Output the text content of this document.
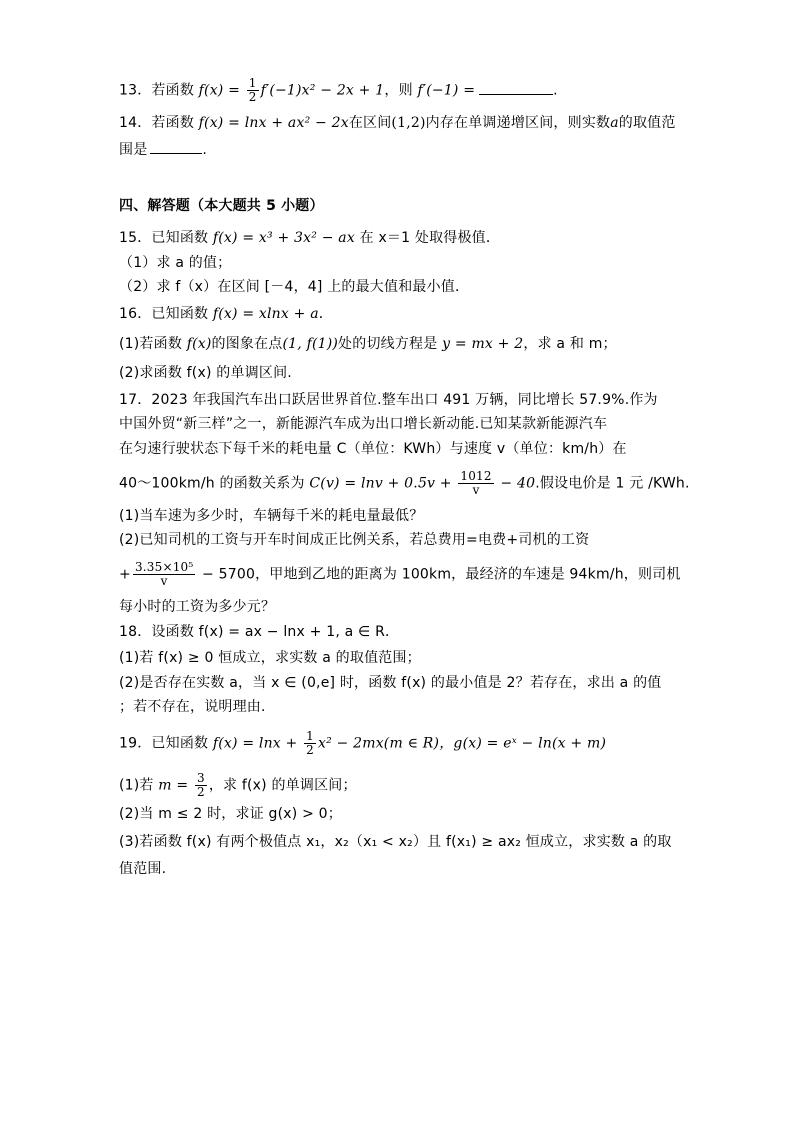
13．若函数 $f(x) = \frac{1}{2} f'(-1)x^2 - 2x + 1$，则 f′(−1) =	.
14．若函数 f(x) = lnx + ax² − 2x在区间(1,2)内存在单调递增区间，则实数a的取值范
围是	.
四、解答题（本大题共 5 小题）
15．已知函数 f(x) = x³ + 3x² − ax 在 x＝1 处取得极值．
（1）求 a 的值；
（2）求 f（x）在区间 [－4，4] 上的最大值和最小值．
16．已知函数 f(x) = xlnx + a．
(1)若函数 f(x)的图象在点(1, f(1))处的切线方程是 y = mx + 2，求 a 和 m；
(2)求函数 f(x) 的单调区间.
17．2023 年我国汽车出口跃居世界首位.整车出口 491 万辆，同比增长 57.9%.作为
中国外贸“新三样”之一，新能源汽车成为出口增长新动能.已知某款新能源汽车
在匀速行驶状态下每千米的耗电量 C（单位：KWh）与速度 v（单位：km/h）在
40～100km/h 的函数关系为 $C(v) = \ln v + 0.5v + \frac{1012}{v} - 40$.假设电价是 1 元 /KWh.
(1)当车速为多少时，车辆每千米的耗电量最低？
(2)已知司机的工资与开车时间成正比例关系，若总费用=电费+司机的工资
+ $\frac{\text{3.35×10⁵}}{v} - 5700$，甲地到乙地的距离为 100km，最经济的车速是 94km/h，则司机
每小时的工资为多少元？
18．设函数 f(x) = ax − lnx + 1, a ∈ R．
(1)若 f(x) ≥ 0 恒成立，求实数 a 的取值范围；
(2)是否存在实数 a，当 x ∈ (0,e] 时，函数 f(x) 的最小值是 2？若存在，求出 a 的值
；若不存在，说明理由.
19．已知函数 $f(x) = \ln x + \frac{1}{2} x^2 - 2mx(m$ ∈ R)，g(x) = eˣ − ln(x + m)
(1)若 $m = \frac{3}{2}$ ，求 f(x) 的单调区间；
(2)当 m ≤ 2 时，求证 g(x) > 0；
(3)若函数 f(x) 有两个极值点 x₁，x₂（x₁ < x₂）且 f(x₁) ≥ ax₂ 恒成立，求实数 a 的取
值范围.
